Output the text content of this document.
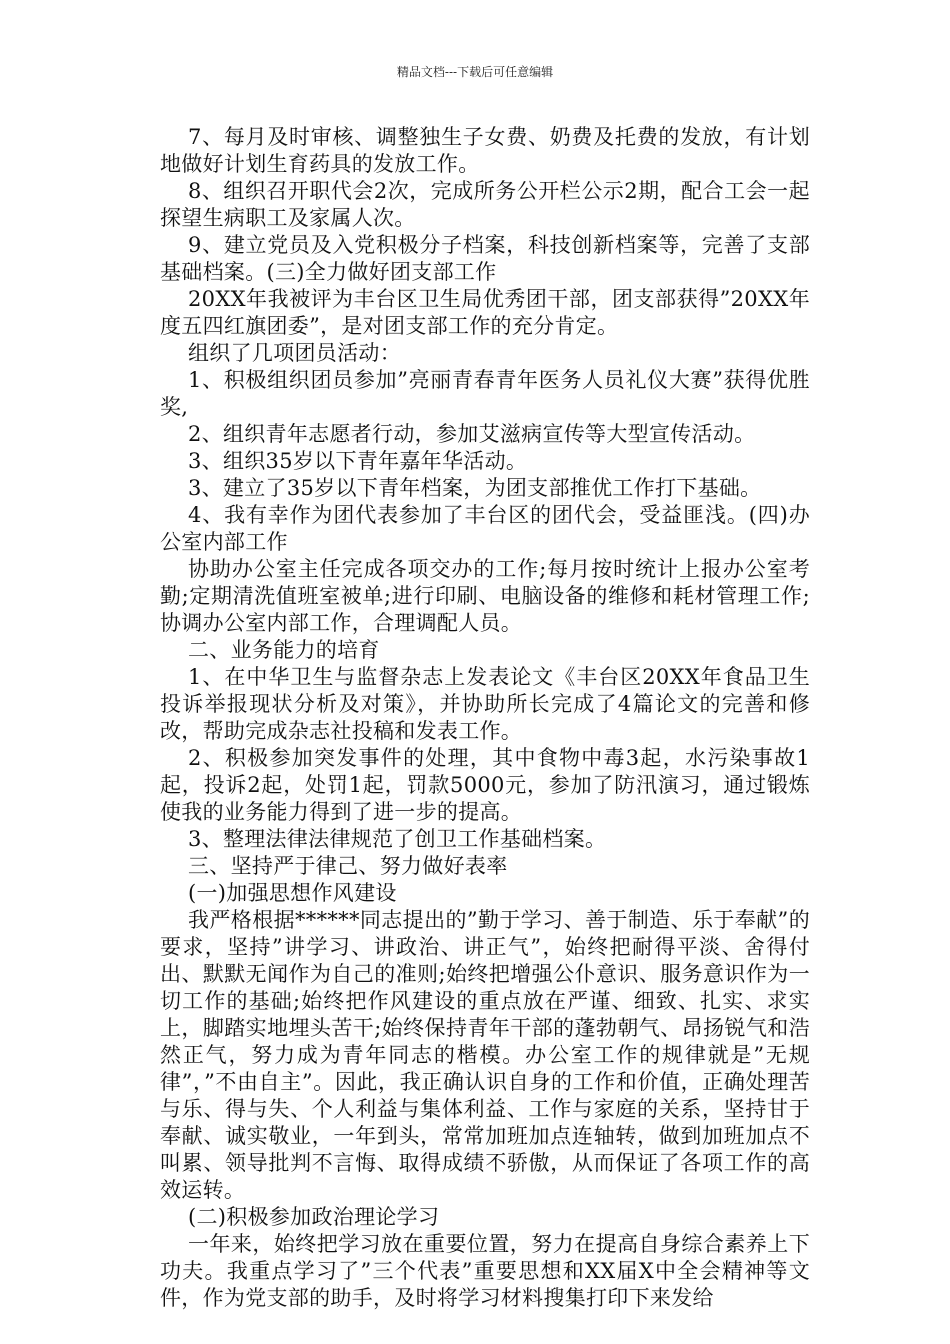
精品文档---下载后可任意编辑

7、每月及时审核、调整独生子女费、奶费及托费的发放，有计划地做好计划生育药具的发放工作。

8、组织召开职代会2次，完成所务公开栏公示2期，配合工会一起探望生病职工及家属人次。

9、建立党员及入党积极分子档案，科技创新档案等，完善了支部基础档案。(三)全力做好团支部工作

20XX年我被评为丰台区卫生局优秀团干部，团支部获得”20XX年度五四红旗团委”，是对团支部工作的充分肯定。

组织了几项团员活动：

1、积极组织团员参加”亮丽青春青年医务人员礼仪大赛”获得优胜奖,

2、组织青年志愿者行动，参加艾滋病宣传等大型宣传活动。

3、组织35岁以下青年嘉年华活动。

3、建立了35岁以下青年档案，为团支部推优工作打下基础。

4、我有幸作为团代表参加了丰台区的团代会，受益匪浅。(四)办公室内部工作

协助办公室主任完成各项交办的工作;每月按时统计上报办公室考勤;定期清洗值班室被单;进行印刷、电脑设备的维修和耗材管理工作;协调办公室内部工作，合理调配人员。

二、业务能力的培育

1、在中华卫生与监督杂志上发表论文《丰台区20XX年食品卫生投诉举报现状分析及对策》，并协助所长完成了4篇论文的完善和修改，帮助完成杂志社投稿和发表工作。

2、积极参加突发事件的处理，其中食物中毒3起，水污染事故1起，投诉2起，处罚1起，罚款5000元，参加了防汛演习，通过锻炼使我的业务能力得到了进一步的提高。

3、整理法律法律规范了创卫工作基础档案。

三、坚持严于律己、努力做好表率

(一)加强思想作风建设

我严格根据******同志提出的”勤于学习、善于制造、乐于奉献”的要求，坚持”讲学习、讲政治、讲正气”，始终把耐得平淡、舍得付出、默默无闻作为自己的准则;始终把增强公仆意识、服务意识作为一切工作的基础;始终把作风建设的重点放在严谨、细致、扎实、求实上，脚踏实地埋头苦干;始终保持青年干部的蓬勃朝气、昂扬锐气和浩然正气，努力成为青年同志的楷模。办公室工作的规律就是”无规律”，”不由自主”。因此，我正确认识自身的工作和价值，正确处理苦与乐、得与失、个人利益与集体利益、工作与家庭的关系，坚持甘于奉献、诚实敬业，一年到头，常常加班加点连轴转，做到加班加点不叫累、领导批判不言悔、取得成绩不骄傲，从而保证了各项工作的高效运转。

(二)积极参加政治理论学习

一年来，始终把学习放在重要位置，努力在提高自身综合素养上下功夫。我重点学习了”三个代表”重要思想和XX届X中全会精神等文件，作为党支部的助手，及时将学习材料搜集打印下来发给
